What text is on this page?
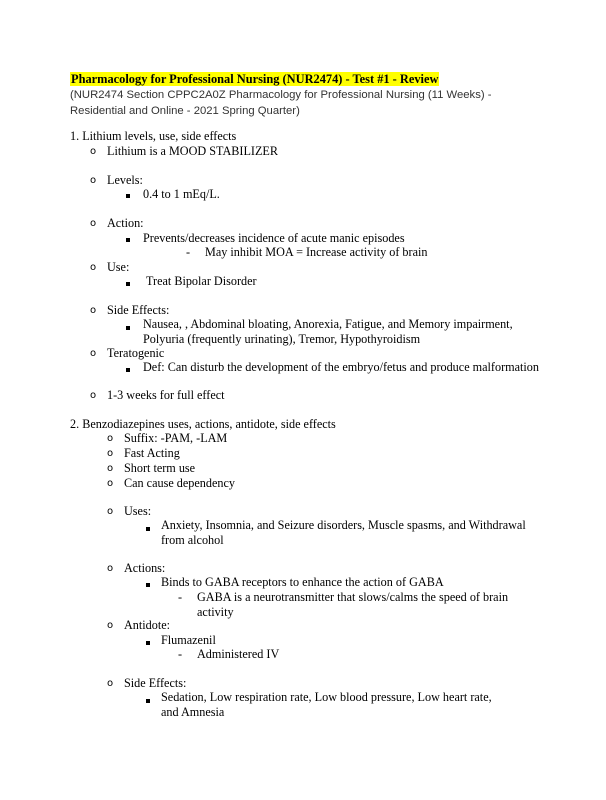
Pharmacology for Professional Nursing (NUR2474) - Test #1 - Review
(NUR2474 Section CPPC2A0Z Pharmacology for Professional Nursing (11 Weeks) - Residential and Online - 2021 Spring Quarter)
1. Lithium levels, use, side effects
o Lithium is a MOOD STABILIZER
o Levels:
0.4 to 1 mEq/L.
o Action:
Prevents/decreases incidence of acute manic episodes
- May inhibit MOA = Increase activity of brain
o Use:
Treat Bipolar Disorder
o Side Effects:
Nausea, , Abdominal bloating, Anorexia, Fatigue, and Memory impairment, Polyuria (frequently urinating), Tremor, Hypothyroidism
o Teratogenic
Def: Can disturb the development of the embryo/fetus and produce malformation
o 1-3 weeks for full effect
2. Benzodiazepines uses, actions, antidote, side effects
o Suffix: -PAM, -LAM
o Fast Acting
o Short term use
o Can cause dependency
o Uses:
Anxiety, Insomnia, and Seizure disorders, Muscle spasms, and Withdrawal from alcohol
o Actions:
Binds to GABA receptors to enhance the action of GABA
- GABA is a neurotransmitter that slows/calms the speed of brain activity
o Antidote:
Flumazenil
- Administered IV
o Side Effects:
Sedation, Low respiration rate, Low blood pressure, Low heart rate, and Amnesia
